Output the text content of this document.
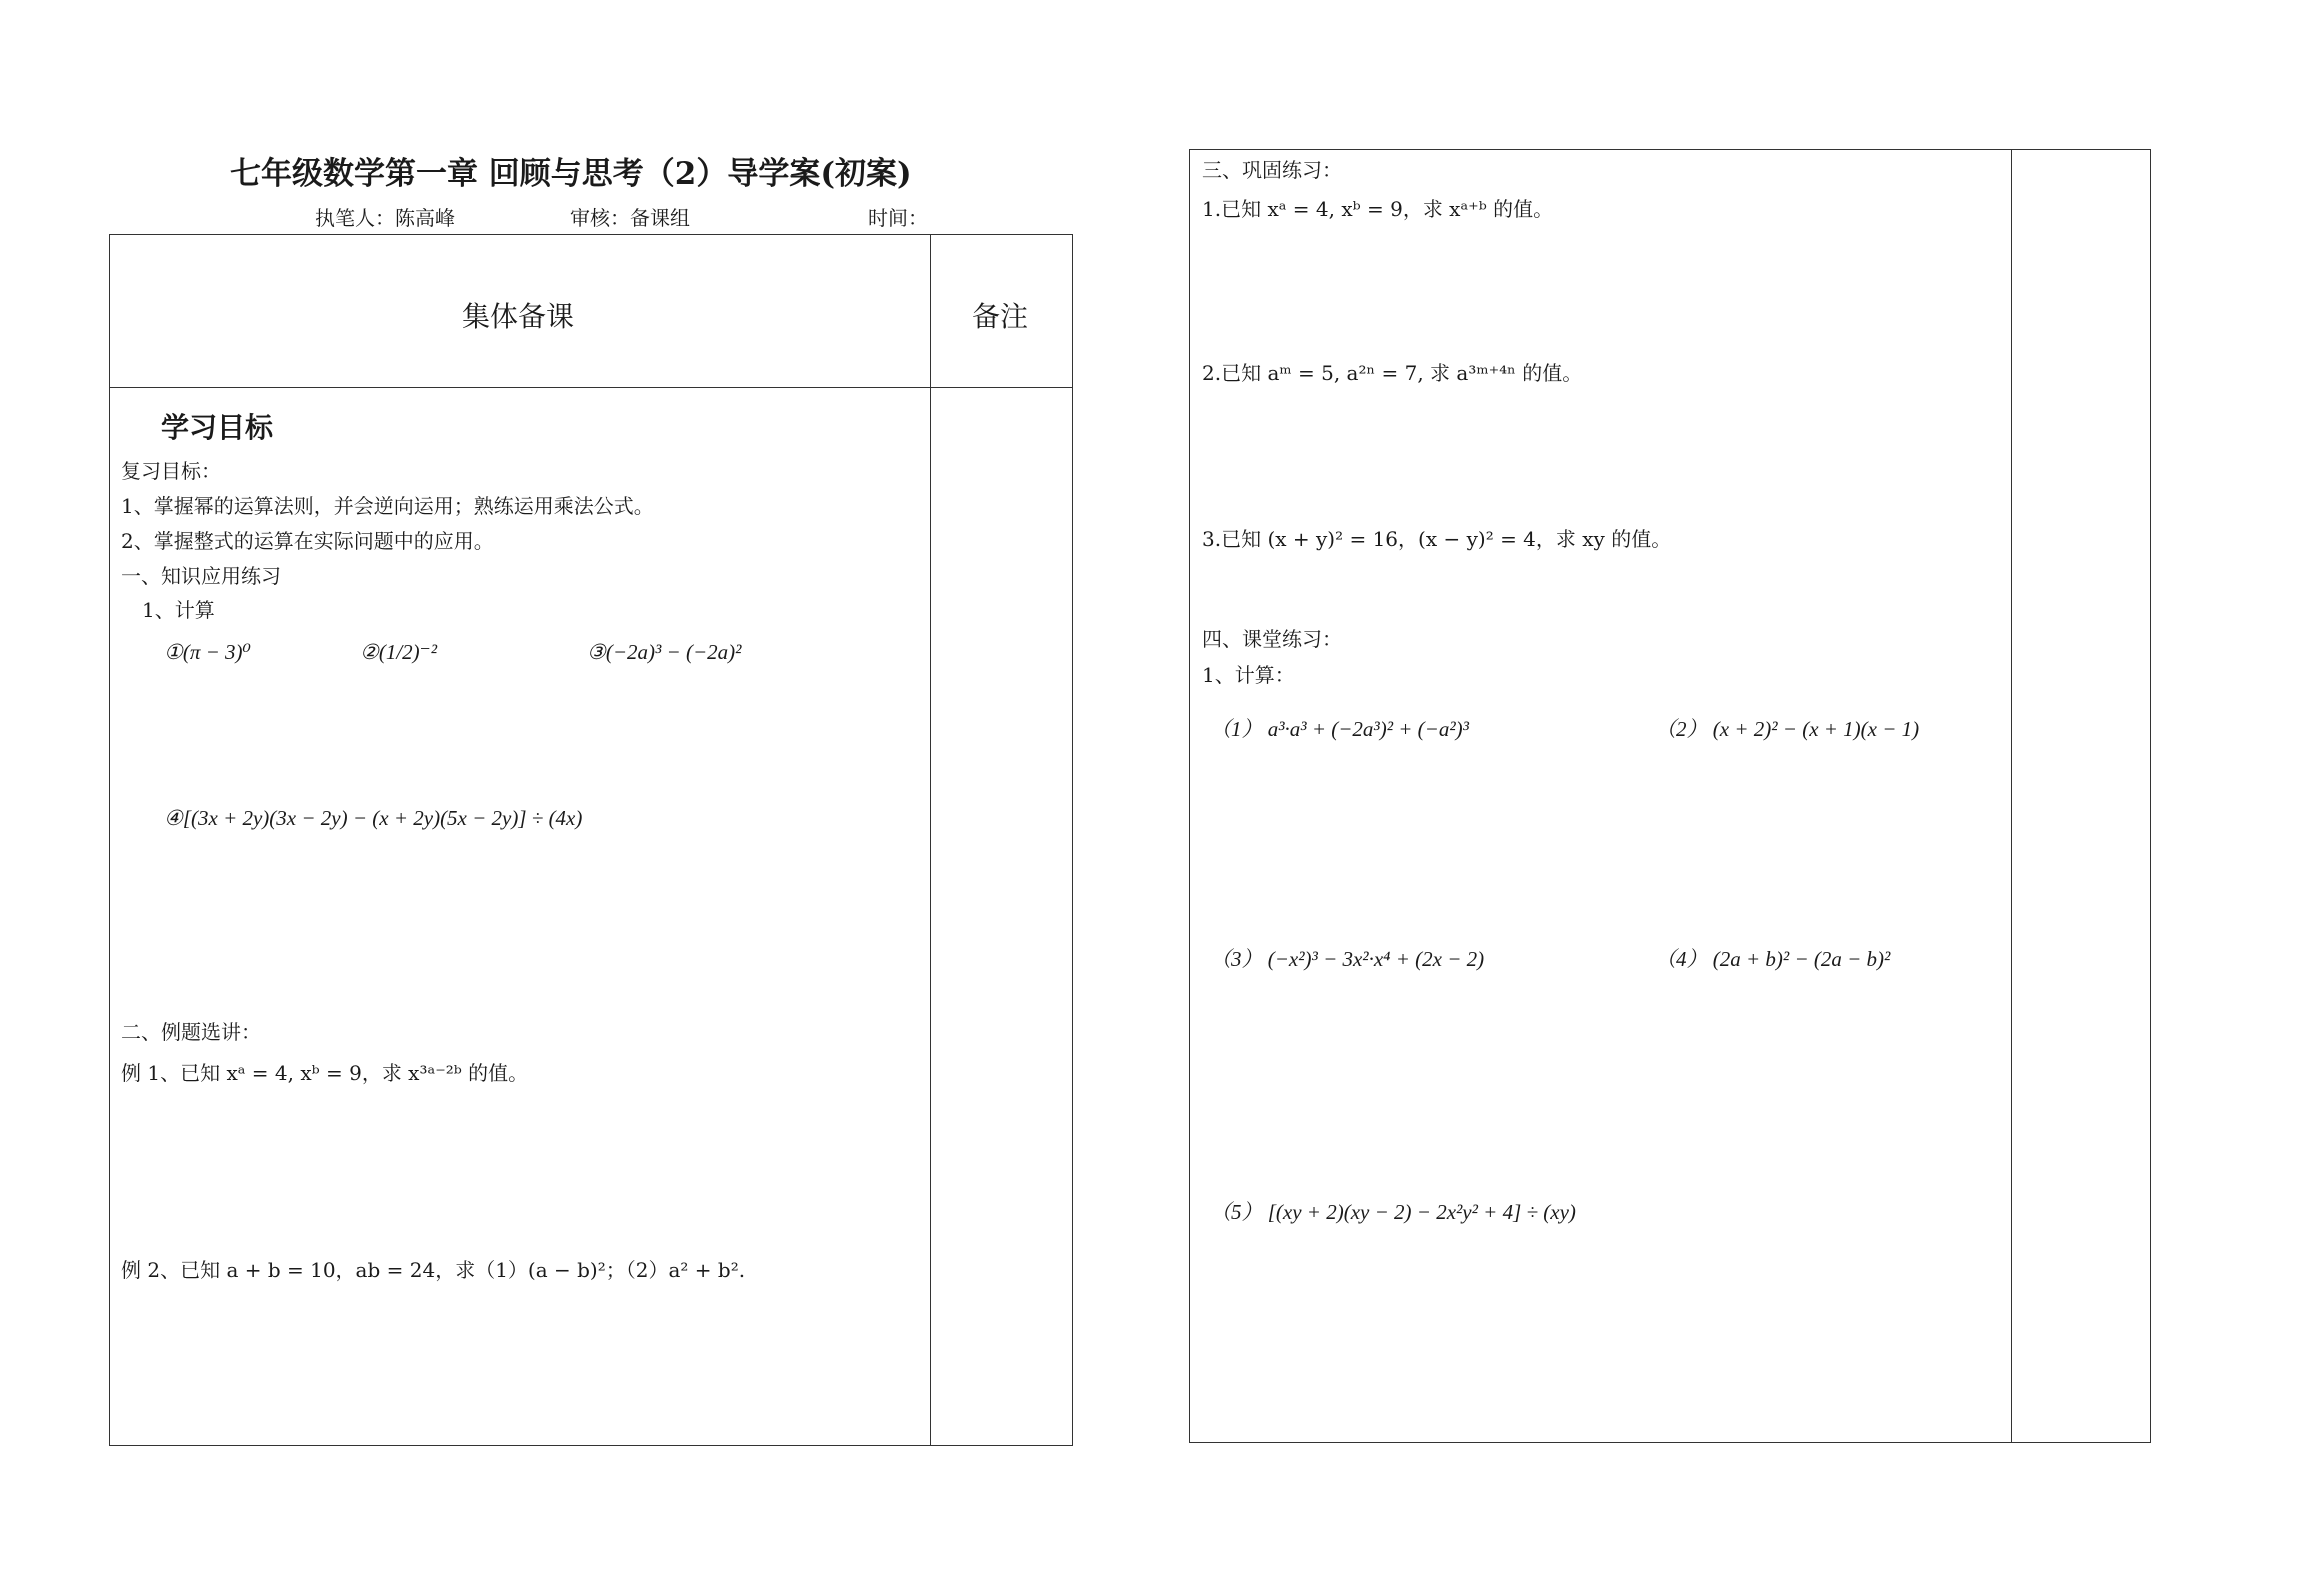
七年级数学第一章 回顾与思考（2）导学案(初案)
执笔人：陈高峰	审核：备课组	时间：
集体备课	备注
学习目标
复习目标：
1、掌握幂的运算法则，并会逆向运用；熟练运用乘法公式。
2、掌握整式的运算在实际问题中的应用。
一、知识应用练习
1、计算
①(π − 3)⁰	②(1/2)⁻²	③(−2a)³ − (−2a)²
④[(3x + 2y)(3x − 2y) − (x + 2y)(5x − 2y)] ÷ (4x)
二、例题选讲：
例 1、已知 xᵃ = 4, xᵇ = 9，求 x³ᵃ⁻²ᵇ 的值。
例 2、已知 a + b = 10，ab = 24，求（1）(a − b)²；（2）a² + b².
三、巩固练习：
1.已知 xᵃ = 4, xᵇ = 9，求 xᵃ⁺ᵇ 的值。
2.已知 aᵐ = 5, a²ⁿ = 7, 求 a³ᵐ⁺⁴ⁿ 的值。
3.已知 (x + y)² = 16，(x − y)² = 4，求 xy 的值。
四、课堂练习：
1、计算：
（1） a³·a³ + (−2a³)² + (−a²)³	（2） (x + 2)² − (x + 1)(x − 1)
（3） (−x²)³ − 3x²·x⁴ + (2x − 2)	（4） (2a + b)² − (2a − b)²
（5） [(xy + 2)(xy − 2) − 2x²y² + 4] ÷ (xy)
